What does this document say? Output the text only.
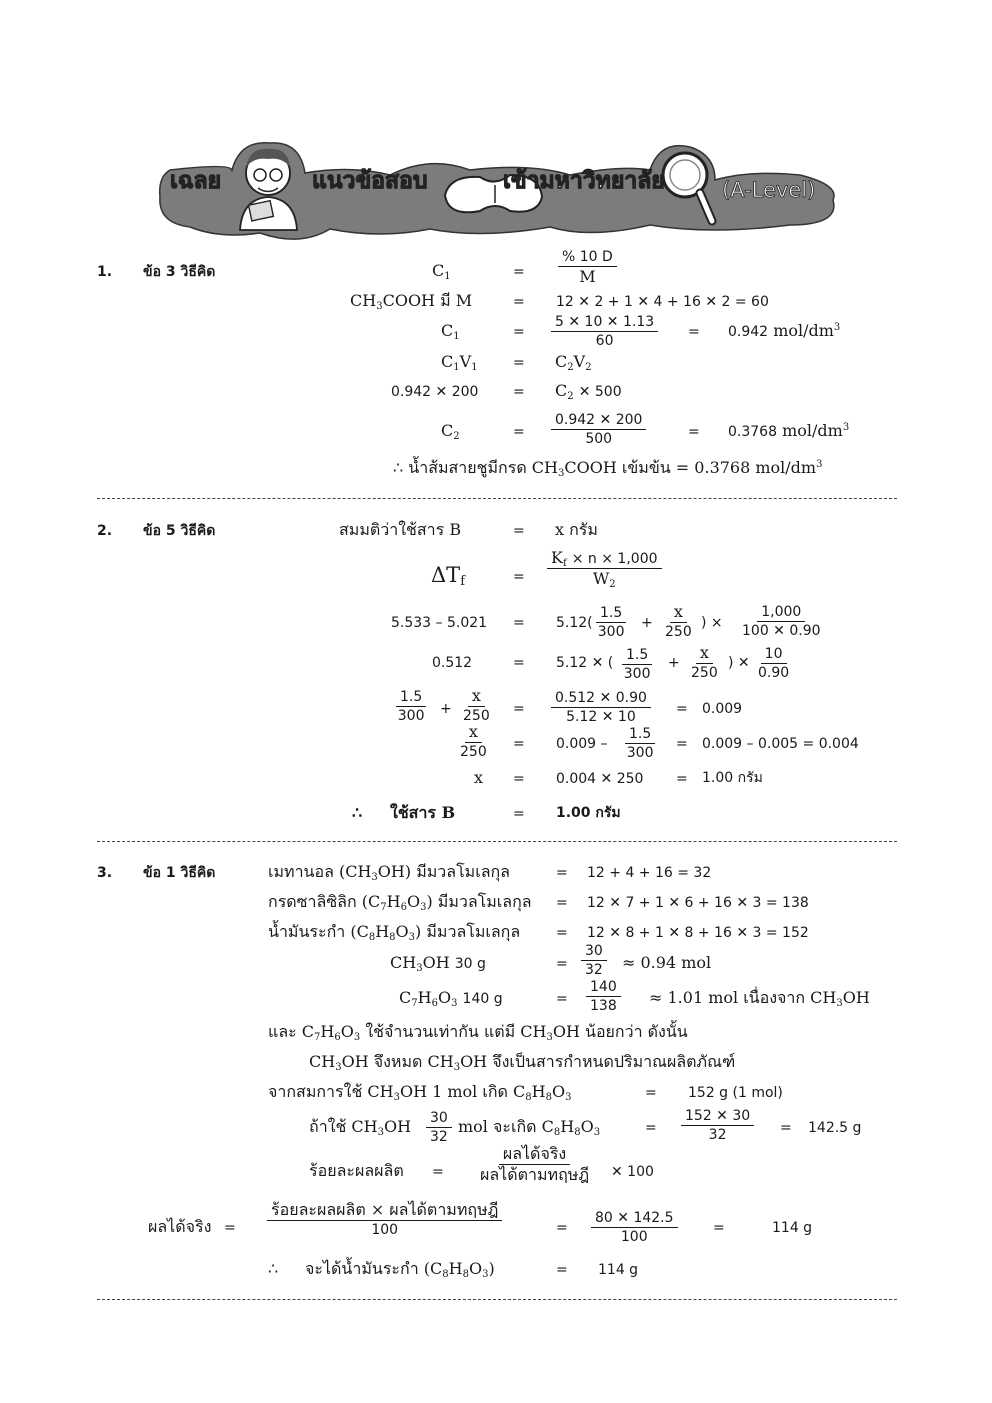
เฉลย	แนวข้อสอบ	เข้ามหาวิทยาลัย	(A-Level)
1. ข้อ 3 วิธีคิด	$C_1$	= $\frac{\% 10 D}{M}$
$CH_3COOH$ มี M	= 12 ✕ 2 + 1 ✕ 4 + 16 ✕ 2 = 60
$C_1$	= $\frac{5 ✕ 10 ✕ 1.13}{60} = 0.942$ mol/$dm^3$
$C_1V_1$	= $C_2V_2$
0.942 ✕ $200 = C_2$ ✕ 500
$C_2$	= $\frac{0.942 ✕ 200}{500}$	= 0.3768 mol/$dm^3$
∴ น้ำส้มสายชูมีกรด $CH_3COOH$ เข้มข้น = 0.3768 mol/$dm^3$
2. ข้อ 5 วิธีคิด	สมมติว่าใช้สาร B	= x กรัม
$\Delta T_f$	= $\frac{K_f \times n \times 1,000}{W_2}$
$5.533 - 5.021 = 5.12( \frac{1.5}{300} + \frac{x}{250}$ ) × $\frac{1,000}{100 ✕ 0.90}$
0.512	= 5.12 ✕ ( $\frac{1.5}{300} + \frac{x}{250}$ ) ✕ $\frac{10}{0.90}$
$\frac{1.5}{300} + \frac{x}{250} = \frac{0.512 ✕ 0.90}{5.12 ✕ 10} = 0.009$
$\frac{x}{250} = 0.009 - \frac{1.5}{300} = 0.009 - 0.005 = 0.004$
x = 0.004 ✕ 250 = 1.00 กรัม
∴ ใช้สาร B	= 1.00 กรัม
3. ข้อ 1 วิธีคิด	เมทานอล $(CH_3OH)$ มีมวลโมเลกุล	= 12 + 4 + 16 = 32
กรดซาลิซิลิก $(C_7H_6O_3)$ มีมวลโมเลกุล = 12 ✕ 7 + 1 ✕ 6 + 16 ✕ 3 = 138
น้ำมันระกำ $(C_8H_8O_3)$ มีมวลโมเลกุล	= 12 ✕ 8 + 1 ✕ 8 + 16 ✕ 3 = 152
$CH_3OH$ 30 g	= $\frac{30}{32} \approx 0.94$ mol
$C_7H_6O_3$ 140 g	= $\frac{140}{138} \approx 1.01$ mol เนื่องจาก $CH_3OH$
และ $C_7H_6O_3$ ใช้จำนวนเท่ากัน แต่มี $CH_3OH$ น้อยกว่า ดังนั้น
$CH_3OH$ จึงหมด $CH_3OH$ จึงเป็นสารกำหนดปริมาณผลิตภัณฑ์
จากสมการใช้ $CH_3OH$ 1 mol เกิด $C_8H_8O_3$	= 152 g (1 mol)
ถ้าใช้ $CH_3OH \frac{30}{32}$ mol จะเกิด $C_8H_8O_3$	= $\frac{152 ✕ 30}{32} = 142.5$ g
ร้อยละผลผลิต =
ผลได้จริง
ผลได้ตามทฤษฎี ✕ 100
ผลได้จริง =
ร้อยละผลผลิต × ผลได้ตามทฤษฎี
100	= $\frac{80 ✕ 142.5}{100}$	=	114 g
∴ จะได้น้ำมันระกำ $(C_8H_8O_3)$	= 114 g
